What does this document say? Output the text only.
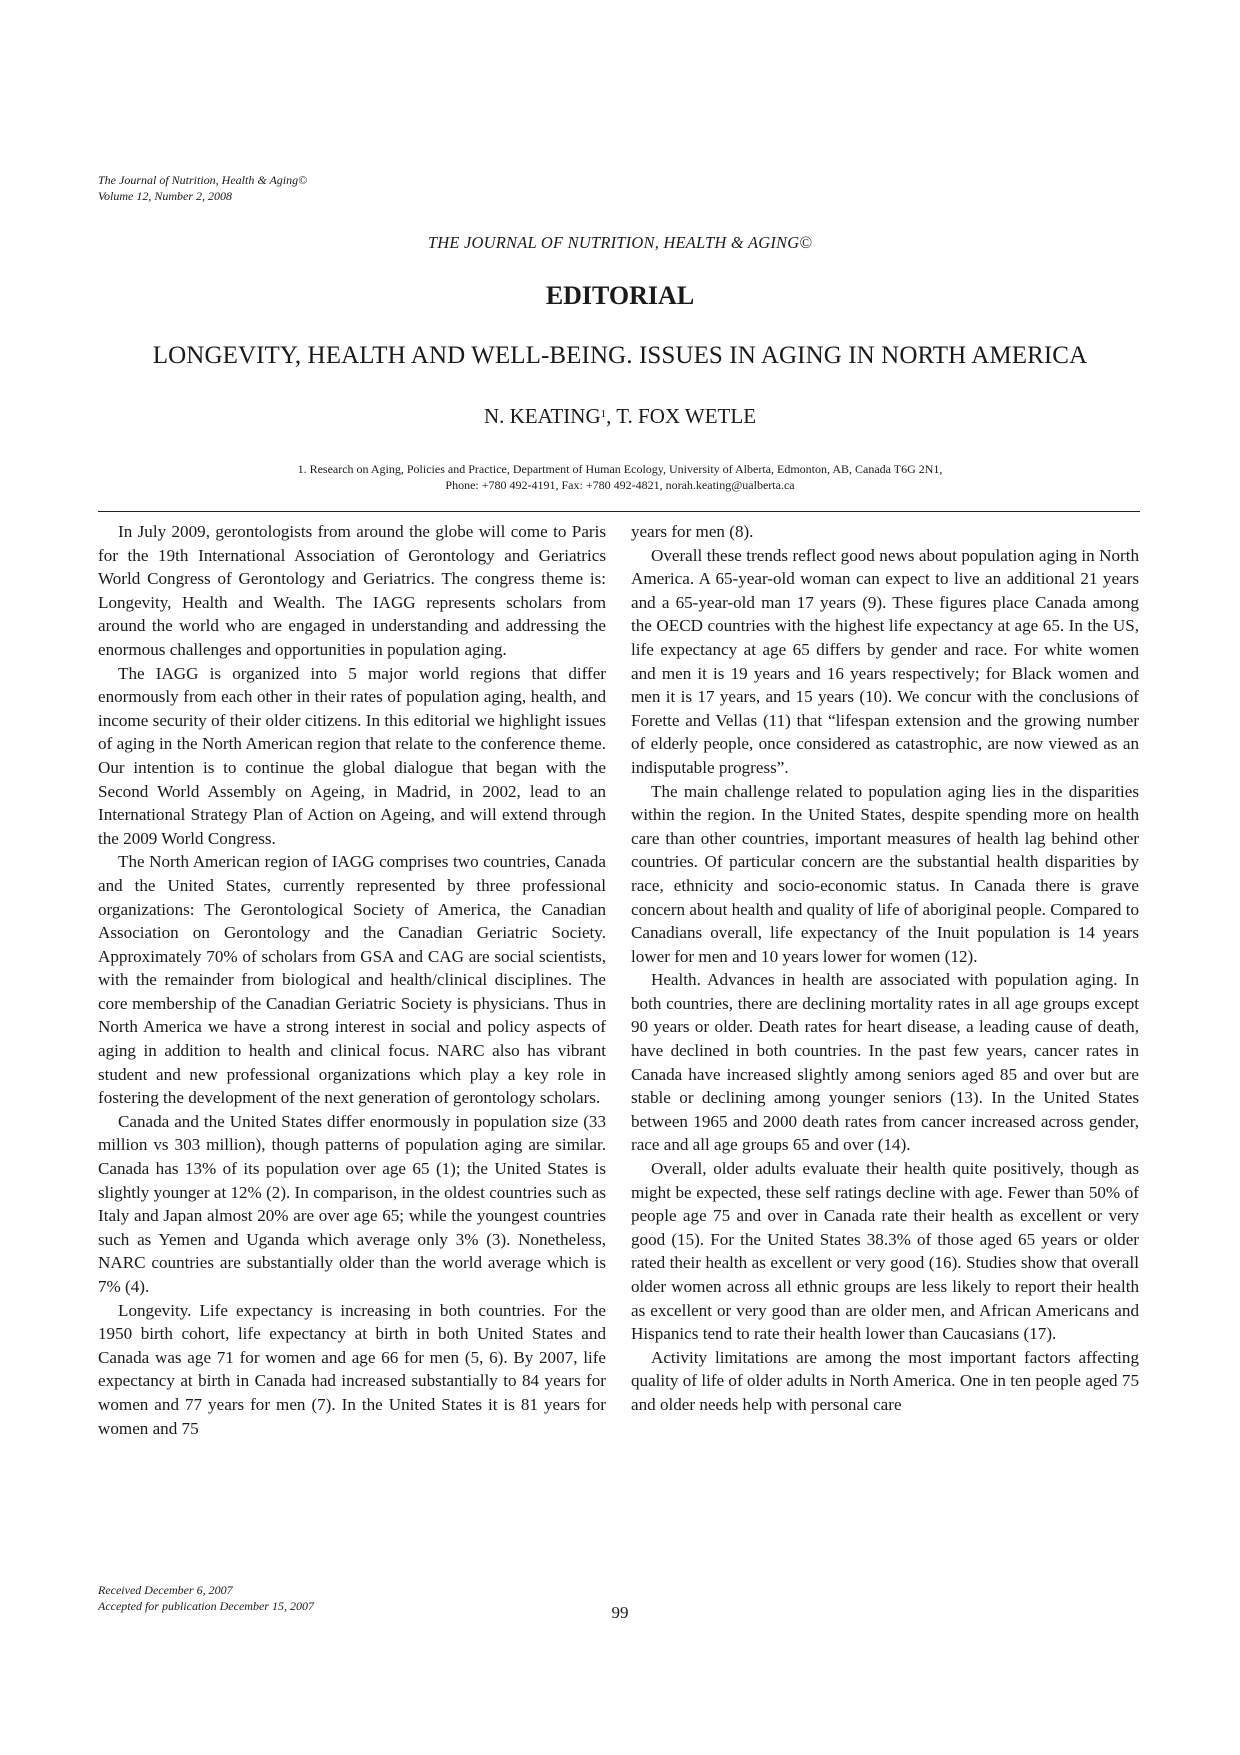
The Journal of Nutrition, Health & Aging©
Volume 12, Number 2, 2008
THE JOURNAL OF NUTRITION, HEALTH & AGING©
EDITORIAL
LONGEVITY, HEALTH AND WELL-BEING. ISSUES IN AGING IN NORTH AMERICA
N. KEATING$^1$, T. FOX WETLE
1. Research on Aging, Policies and Practice, Department of Human Ecology, University of Alberta, Edmonton, AB, Canada T6G 2N1,
Phone: +780 492-4191, Fax: +780 492-4821, norah.keating@ualberta.ca

In July 2009, gerontologists from around the globe will come to Paris for the 19th International Association of Gerontology and Geriatrics World Congress of Gerontology and Geriatrics. The congress theme is: Longevity, Health and Wealth. The IAGG represents scholars from around the world who are engaged in understanding and addressing the enormous challenges and opportunities in population aging.

The IAGG is organized into 5 major world regions that differ enormously from each other in their rates of population aging, health, and income security of their older citizens. In this editorial we highlight issues of aging in the North American region that relate to the conference theme. Our intention is to continue the global dialogue that began with the Second World Assembly on Ageing, in Madrid, in 2002, lead to an International Strategy Plan of Action on Ageing, and will extend through the 2009 World Congress.

The North American region of IAGG comprises two countries, Canada and the United States, currently represented by three professional organizations: The Gerontological Society of America, the Canadian Association on Gerontology and the Canadian Geriatric Society. Approximately 70% of scholars from GSA and CAG are social scientists, with the remainder from biological and health/clinical disciplines. The core membership of the Canadian Geriatric Society is physicians. Thus in North America we have a strong interest in social and policy aspects of aging in addition to health and clinical focus. NARC also has vibrant student and new professional organizations which play a key role in fostering the development of the next generation of gerontology scholars.

Canada and the United States differ enormously in population size (33 million vs 303 million), though patterns of population aging are similar. Canada has 13% of its population over age 65 (1); the United States is slightly younger at 12% (2). In comparison, in the oldest countries such as Italy and Japan almost 20% are over age 65; while the youngest countries such as Yemen and Uganda which average only 3% (3). Nonetheless, NARC countries are substantially older than the world average which is 7% (4).

Longevity. Life expectancy is increasing in both countries. For the 1950 birth cohort, life expectancy at birth in both United States and Canada was age 71 for women and age 66 for men (5, 6). By 2007, life expectancy at birth in Canada had increased substantially to 84 years for women and 77 years for men (7). In the United States it is 81 years for women and 75

years for men (8).

Overall these trends reflect good news about population aging in North America. A 65-year-old woman can expect to live an additional 21 years and a 65-year-old man 17 years (9). These figures place Canada among the OECD countries with the highest life expectancy at age 65. In the US, life expectancy at age 65 differs by gender and race. For white women and men it is 19 years and 16 years respectively; for Black women and men it is 17 years, and 15 years (10). We concur with the conclusions of Forette and Vellas (11) that “lifespan extension and the growing number of elderly people, once considered as catastrophic, are now viewed as an indisputable progress”.

The main challenge related to population aging lies in the disparities within the region. In the United States, despite spending more on health care than other countries, important measures of health lag behind other countries. Of particular concern are the substantial health disparities by race, ethnicity and socio-economic status. In Canada there is grave concern about health and quality of life of aboriginal people. Compared to Canadians overall, life expectancy of the Inuit population is 14 years lower for men and 10 years lower for women (12).

Health. Advances in health are associated with population aging. In both countries, there are declining mortality rates in all age groups except 90 years or older. Death rates for heart disease, a leading cause of death, have declined in both countries. In the past few years, cancer rates in Canada have increased slightly among seniors aged 85 and over but are stable or declining among younger seniors (13). In the United States between 1965 and 2000 death rates from cancer increased across gender, race and all age groups 65 and over (14).

Overall, older adults evaluate their health quite positively, though as might be expected, these self ratings decline with age. Fewer than 50% of people age 75 and over in Canada rate their health as excellent or very good (15). For the United States 38.3% of those aged 65 years or older rated their health as excellent or very good (16). Studies show that overall older women across all ethnic groups are less likely to report their health as excellent or very good than are older men, and African Americans and Hispanics tend to rate their health lower than Caucasians (17).

Activity limitations are among the most important factors affecting quality of life of older adults in North America. One in ten people aged 75 and older needs help with personal care

Received December 6, 2007
Accepted for publication December 15, 2007	99
